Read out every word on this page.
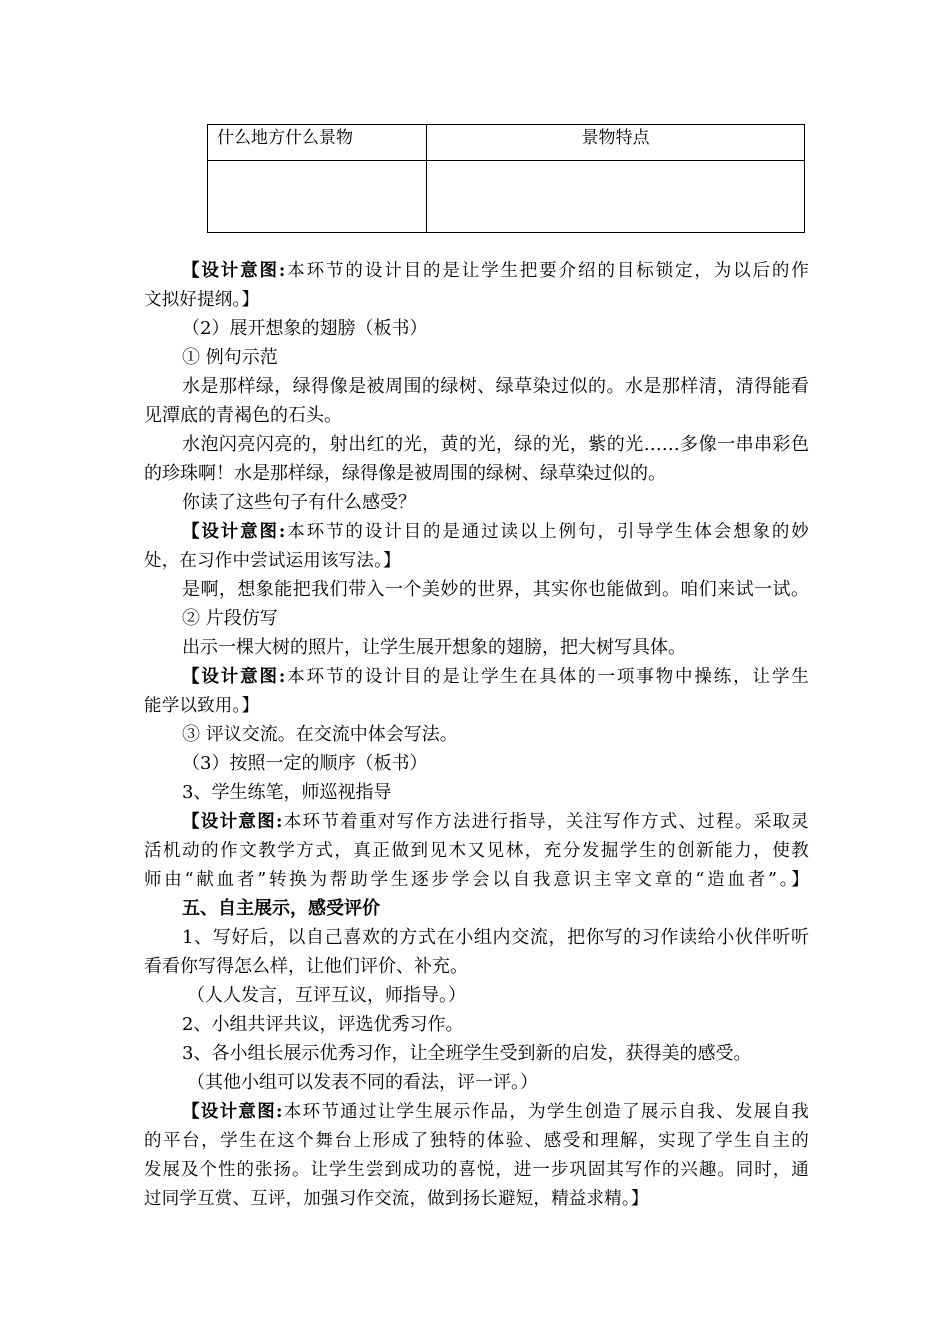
什么地方什么景物	景物特点

【设计意图:本环节的设计目的是让学生把要介绍的目标锁定，为以后的作
文拟好提纲。】
（2）展开想象的翅膀（板书）
① 例句示范
水是那样绿，绿得像是被周围的绿树、绿草染过似的。水是那样清，清得能看
见潭底的青褐色的石头。
水泡闪亮闪亮的，射出红的光，黄的光，绿的光，紫的光……多像一串串彩色
的珍珠啊！水是那样绿，绿得像是被周围的绿树、绿草染过似的。
你读了这些句子有什么感受？
【设计意图:本环节的设计目的是通过读以上例句，引导学生体会想象的妙
处，在习作中尝试运用该写法。】
是啊，想象能把我们带入一个美妙的世界，其实你也能做到。咱们来试一试。
② 片段仿写
出示一棵大树的照片，让学生展开想象的翅膀，把大树写具体。
【设计意图:本环节的设计目的是让学生在具体的一项事物中操练，让学生
能学以致用。】
③ 评议交流。在交流中体会写法。
（3）按照一定的顺序（板书）
3、学生练笔，师巡视指导
【设计意图:本环节着重对写作方法进行指导，关注写作方式、过程。采取灵
活机动的作文教学方式，真正做到见木又见林，充分发掘学生的创新能力，使教
师由“献血者”转换为帮助学生逐步学会以自我意识主宰文章的“造血者”。】
五、自主展示，感受评价
1、写好后，以自己喜欢的方式在小组内交流，把你写的习作读给小伙伴听听
看看你写得怎么样，让他们评价、补充。
（人人发言，互评互议，师指导。）
2、小组共评共议，评选优秀习作。
3、各小组长展示优秀习作，让全班学生受到新的启发，获得美的感受。
（其他小组可以发表不同的看法，评一评。）
【设计意图:本环节通过让学生展示作品，为学生创造了展示自我、发展自我
的平台，学生在这个舞台上形成了独特的体验、感受和理解，实现了学生自主的
发展及个性的张扬。让学生尝到成功的喜悦，进一步巩固其写作的兴趣。同时，通
过同学互赏、互评，加强习作交流，做到扬长避短，精益求精。】
